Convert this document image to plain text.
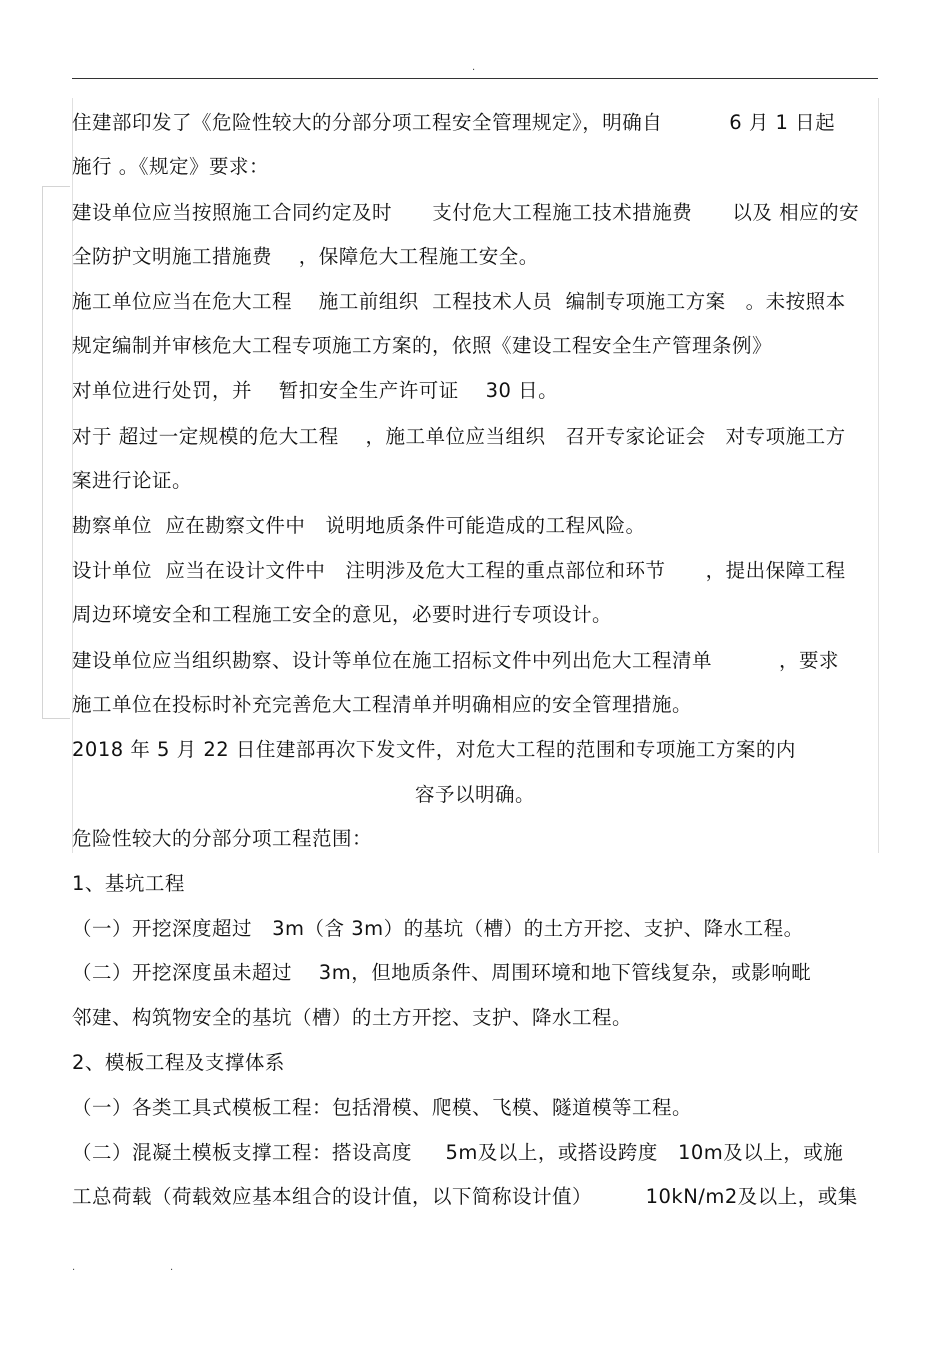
.
住建部印发了《危险性较大的分部分项工程安全管理规定》，明确自          6 月 1 日起
施行 。《规定》要求：
建设单位应当按照施工合同约定及时      支付危大工程施工技术措施费      以及 相应的安
全防护文明施工措施费    ，保障危大工程施工安全。
施工单位应当在危大工程    施工前组织  工程技术人员  编制专项施工方案   。未按照本
规定编制并审核危大工程专项施工方案的，依照《建设工程安全生产管理条例》
对单位进行处罚，并    暂扣安全生产许可证    30 日。
对于 超过一定规模的危大工程    ，施工单位应当组织   召开专家论证会   对专项施工方
案进行论证。
勘察单位  应在勘察文件中   说明地质条件可能造成的工程风险。
设计单位  应当在设计文件中   注明涉及危大工程的重点部位和环节      ，提出保障工程
周边环境安全和工程施工安全的意见，必要时进行专项设计。
建设单位应当组织勘察、设计等单位在施工招标文件中列出危大工程清单          ，要求
施工单位在投标时补充完善危大工程清单并明确相应的安全管理措施。
2018 年 5 月 22 日住建部再次下发文件，对危大工程的范围和专项施工方案的内
容予以明确。
危险性较大的分部分项工程范围：
1、基坑工程
（一）开挖深度超过   3m（含 3m）的基坑（槽）的土方开挖、支护、降水工程。
（二）开挖深度虽未超过    3m，但地质条件、周围环境和地下管线复杂，或影响毗
邻建、构筑物安全的基坑（槽）的土方开挖、支护、降水工程。
2、模板工程及支撑体系
（一）各类工具式模板工程：包括滑模、爬模、飞模、隧道模等工程。
（二）混凝土模板支撑工程：搭设高度     5m及以上，或搭设跨度   10m及以上，或施
工总荷载（荷载效应基本组合的设计值，以下简称设计值）        10kN/m2及以上，或集
.	.
